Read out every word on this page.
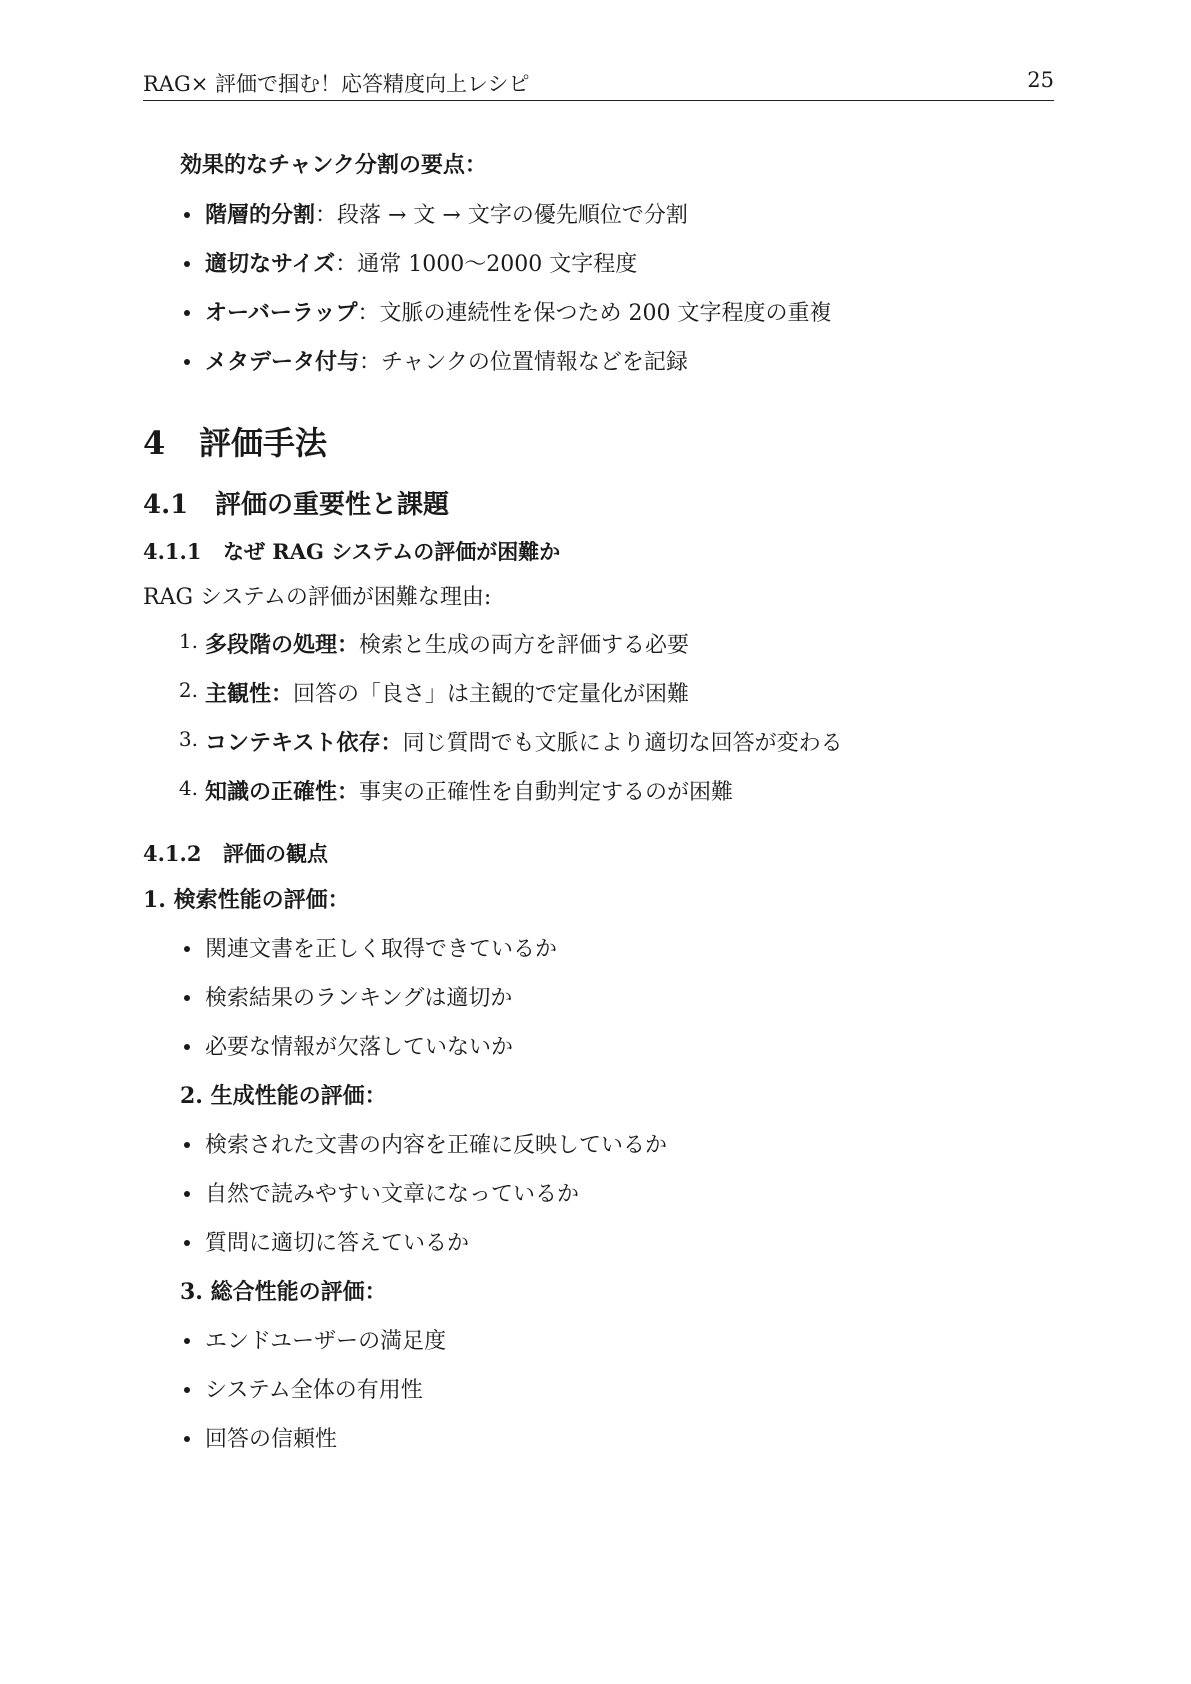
RAG× 評価で掴む！応答精度向上レシピ	25
効果的なチャンク分割の要点：
階層的分割：段落 → 文 → 文字の優先順位で分割
適切なサイズ：通常 1000〜2000 文字程度
オーバーラップ：文脈の連続性を保つため 200 文字程度の重複
メタデータ付与：チャンクの位置情報などを記録
4 評価手法
4.1 評価の重要性と課題
4.1.1 なぜ RAG システムの評価が困難か
RAG システムの評価が困難な理由:
1. 多段階の処理：検索と生成の両方を評価する必要
2. 主観性：回答の「良さ」は主観的で定量化が困難
3. コンテキスト依存：同じ質問でも文脈により適切な回答が変わる
4. 知識の正確性：事実の正確性を自動判定するのが困難
4.1.2 評価の観点
1. 検索性能の評価：
関連文書を正しく取得できているか
検索結果のランキングは適切か
必要な情報が欠落していないか
2. 生成性能の評価：
検索された文書の内容を正確に反映しているか
自然で読みやすい文章になっているか
質問に適切に答えているか
3. 総合性能の評価：
エンドユーザーの満足度
システム全体の有用性
回答の信頼性
